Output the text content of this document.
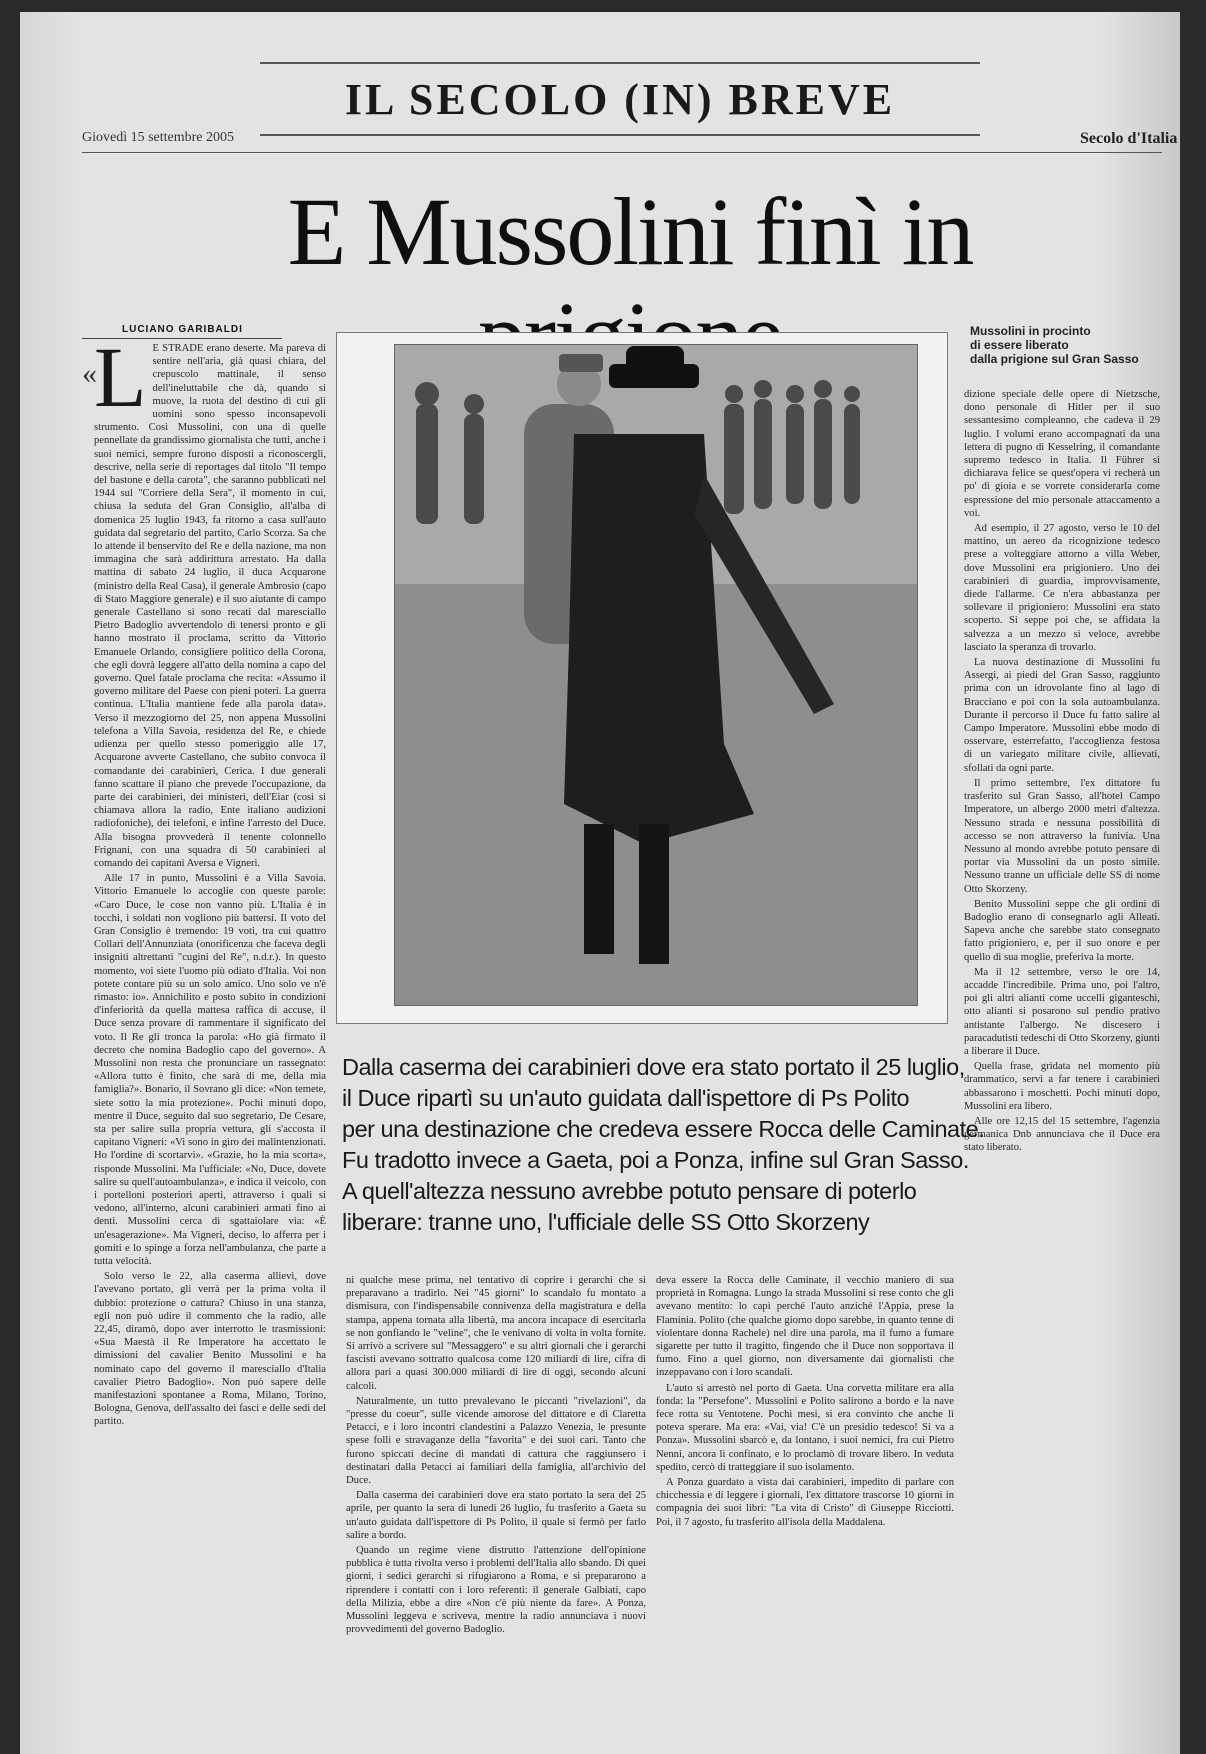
IL SECOLO (IN) BREVE
Giovedì 15 settembre 2005	Secolo d'Italia
E Mussolini finì in
LUCIANO GARIBALDI
«
L E STRADE erano deserte. Ma pareva di sentire nell'aria, già quasi chiara, del crepuscolo mattinale, il senso dell'ineluttabile che dà, quando si muove, la ruota del destino di cui gli uomini sono spesso inconsapevoli strumento. Così Mussolini, con una di quelle pennellate da grandissimo giornalista che tutti, anche i suoi nemici, sempre furono disposti a riconoscergli, descrive, nella serie di reportages dal titolo "Il tempo del bastone e della carota", che saranno pubblicati nel 1944 sul "Corriere della Sera", il momento in cui, chiusa la seduta del Gran Consiglio, all'alba di domenica 25 luglio 1943, fa ritorno a casa sull'auto guidata dal segretario del partito, Carlo Scorza. Sa che lo attende il benservito del Re e della nazione, ma non immagina che sarà addirittura arrestato. Ha dalla mattina di sabato 24 luglio, il duca Acquarone (ministro della Real Casa), il generale Ambrosio (capo di Stato Maggiore generale) e il suo aiutante di campo generale Castellano si sono recati dal maresciallo Pietro Badoglio avvertendolo di tenersi pronto e gli hanno mostrato il proclama, scritto da Vittorio Emanuele Orlando, consigliere politico della Corona, che egli dovrà leggere all'atto della nomina a capo del governo. Quel fatale proclama che recita: «Assumo il governo militare del Paese con pieni poteri. La guerra continua. L'Italia mantiene fede alla parola data». Verso il mezzogiorno del 25, non appena Mussolini telefona a Villa Savoia, residenza del Re, e chiede udienza per quello stesso pomeriggio alle 17, Acquarone avverte Castellano, che subito convoca il comandante dei carabinieri, Cerica. I due generali fanno scattare il piano che prevede l'occupazione, da parte dei carabinieri, dei ministeri, dell'Eiar (così si chiamava allora la radio, Ente italiano audizioni radiofoniche), dei telefoni, e infine l'arresto del Duce. Alla bisogna provvederà il tenente colonnello Frignani, con una squadra di 50 carabinieri al comando dei capitani Aversa e Vigneri.

Alle 17 in punto, Mussolini è a Villa Savoia. Vittorio Emanuele lo accoglie con queste parole: «Caro Duce, le cose non vanno più. L'Italia è in tocchi, i soldati non vogliono più battersi. Il voto del Gran Consiglio è tremendo: 19 voti, tra cui quattro Collari dell'Annunziata (onorificenza che faceva degli insigniti altrettanti "cugini del Re", n.d.r.). In questo momento, voi siete l'uomo più odiato d'Italia. Voi non potete contare più su un solo amico. Uno solo ve n'è rimasto: io». Annichilito e posto subito in condizioni d'inferiorità da quella mattesa raffica di accuse, il Duce senza provare di rammentare il significato del voto. Il Re gli tronca la parola: «Ho già firmato il decreto che nomina Badoglio capo del governo». A Mussolini non resta che pronunciare un rassegnato: «Allora tutto è finito, che sarà di me, della mia famiglia?». Bonario, il Sovrano gli dice: «Non temete, siete sotto la mia protezione». Pochi minuti dopo, mentre il Duce, seguito dal suo segretario, De Cesare, sta per salire sulla propria vettura, gli s'accosta il capitano Vigneri: «Vi sono in giro dei malintenzionati. Ho l'ordine di scortarvi». «Grazie, ho la mia scorta», risponde Mussolini. Ma l'ufficiale: «No, Duce, dovete salire su quell'autoambulanza», e indica il veicolo, con i portelloni posteriori aperti, attraverso i quali si vedono, all'interno, alcuni carabinieri armati fino ai denti. Mussolini cerca di sgattaiolare via: «È un'esagerazione». Ma Vigneri, deciso, lo afferra per i gomiti e lo spinge a forza nell'ambulanza, che parte a tutta velocità.

Solo verso le 22, alla caserma allievi, dove l'avevano portato, gli verrà per la prima volta il dubbio: protezione o cattura? Chiuso in una stanza, egli non può udire il commento che la radio, alle 22,45, diramò, dopo aver interrotto le trasmissioni: «Sua Maestà il Re Imperatore ha accettato le dimissioni del cavalier Benito Mussolini e ha nominato capo del governo il maresciallo d'Italia cavalier Pietro Badoglio». Non può sapere delle manifestazioni spontanee a Roma, Milano, Torino, Bologna, Genova, dell'assalto dei fasci e delle sedi del partito.

Mussolini in procinto
di essere liberato
dalla prigione sul Gran Sasso

dizione speciale delle opere di Nietzsche, dono personale di Hitler per il suo sessantesimo compleanno, che cadeva il 29 luglio. I volumi erano accompagnati da una lettera di pugno di Kesselring, il comandante supremo tedesco in Italia. Il Führer si dichiarava felice se quest'opera vi recherà un po' di gioia e se vorrete considerarla come espressione del mio personale attaccamento a voi.

Ad esempio, il 27 agosto, verso le 10 del mattino, un aereo da ricognizione tedesco prese a volteggiare attorno a villa Weber, dove Mussolini era prigioniero. Uno dei carabinieri di guardia, improvvisamente, diede l'allarme. Ce n'era abbastanza per sollevare il prigioniero: Mussolini era stato scoperto. Si seppe poi che, se affidata la salvezza a un mezzo sì veloce, avrebbe lasciato la speranza di trovarlo.

La nuova destinazione di Mussolini fu Assergi, ai piedi del Gran Sasso, raggiunto prima con un idrovolante fino al lago di Bracciano e poi con la sola autoambulanza. Durante il percorso il Duce fu fatto salire al Campo Imperatore. Mussolini ebbe modo di osservare, esterrefatto, l'accoglienza festosa di un variegato militare civile, allievati, sfollati da ogni parte.

Il primo settembre, l'ex dittatore fu trasferito sul Gran Sasso, all'hotel Campo Imperatore, un albergo 2000 metri d'altezza. Nessuno strada e nessuna possibilità di accesso se non attraverso la funivia. Una Nessuno al mondo avrebbe potuto pensare di portar via Mussolini da un posto simile. Nessuno tranne un ufficiale delle SS di nome Otto Skorzeny.

Benito Mussolini seppe che gli ordini di Badoglio erano di consegnarlo agli Alleati. Sapeva anche che sarebbe stato consegnato fatto prigioniero, e, per il suo onore e per quello di sua moglie, preferiva la morte.

Ma il 12 settembre, verso le ore 14, accadde l'incredibile. Prima uno, poi l'altro, poi gli altri alianti come uccelli giganteschi, otto alianti si posarono sul pendio prativo antistante l'albergo. Ne discesero i paracadutisti tedeschi di Otto Skorzeny, giunti a liberare il Duce.

Quella frase, gridata nel momento più drammatico, servì a far tenere i carabinieri abbassarono i moschetti. Pochi minuti dopo, Mussolini era libero.

Alle ore 12,15 del 15 settembre, l'agenzia germanica Dnb annunciava che il Duce era stato liberato.

Dalla caserma dei carabinieri dove era stato portato il 25 luglio,
il Duce ripartì su un'auto guidata dall'ispettore di Ps Polito
per una destinazione che credeva essere Rocca delle Caminate.
Fu tradotto invece a Gaeta, poi a Ponza, infine sul Gran Sasso.
A quell'altezza nessuno avrebbe potuto pensare di poterlo
liberare: tranne uno, l'ufficiale delle SS Otto Skorzeny

ni qualche mese prima, nel tentativo di coprire i gerarchi che si preparavano a tradirlo. Nei "45 giorni" lo scandalo fu montato a dismisura, con l'indispensabile connivenza della magistratura e della stampa, appena tornata alla libertà, ma ancora incapace di esercitarla se non gonfiando le "veline", che le venivano di volta in volta fornite. Si arrivò a scrivere sul "Messaggero" e su altri giornali che i gerarchi fascisti avevano sottratto qualcosa come 120 miliardi di lire, cifra di allora pari a quasi 300.000 miliardi di lire di oggi, secondo alcuni calcoli.

Naturalmente, un tutto prevalevano le piccanti "rivelazioni", da "presse du coeur", sulle vicende amorose del dittatore e di Claretta Petacci, e i loro incontri clandestini a Palazzo Venezia, le presunte spese folli e stravaganze della "favorita" e dei suoi cari. Tanto che furono spiccati decine di mandati di cattura che raggiunsero i destinatari dalla Petacci ai familiari della famiglia, all'archivio del Duce.

Dalla caserma dei carabinieri dove era stato portato la sera del 25 aprile, per quanto la sera di lunedì 26 luglio, fu trasferito a Gaeta su un'auto guidata dall'ispettore di Ps Polito, il quale si fermò per farlo salire a bordo.

Quando un regime viene distrutto l'attenzione dell'opinione pubblica è tutta rivolta verso i problemi dell'Italia allo sbando. Di quei giorni, i sedici gerarchi si rifugiarono a Roma, e si prepararono a riprendere i contatti con i loro referenti: il generale Galbiati, capo della Milizia, ebbe a dire «Non c'è più niente da fare». A Ponza, Mussolini leggeva e scriveva, mentre la radio annunciava i nuovi provvedimenti del governo Badoglio.

deva essere la Rocca delle Caminate, il vecchio maniero di sua proprietà in Romagna. Lungo la strada Mussolini si rese conto che gli avevano mentito: lo capì perché l'auto anziché l'Appia, prese la Flaminia. Polito (che qualche giorno dopo sarebbe, in quanto tenne di violentare donna Rachele) nel dire una parola, ma il fumo a fumare sigarette per tutto il tragitto, fingendo che il Duce non sopportava il fumo. Fino a quel giorno, non diversamente dai giornalisti che inzeppavano con i loro scandali.

L'auto si arrestò nel porto di Gaeta. Una corvetta militare era alla fonda: la "Persefone". Mussolini e Polito salirono a bordo e la nave fece rotta su Ventotene. Pochi mesi, si era convinto che anche lì poteva sperare. Ma era: «Vai, via! C'è un presidio tedesco! Si va a Ponza». Mussolini sbarcò e, da lontano, i suoi nemici, fra cui Pietro Nenni, ancora lì confinato, e lo proclamò di trovare libero. In veduta spedito, cercò di tratteggiare il suo isolamento.

A Ponza guardato a vista dai carabinieri, impedito di parlare con chicchessia e di leggere i giornali, l'ex dittatore trascorse 10 giorni in compagnia dei suoi libri: "La vita di Cristo" di Giuseppe Ricciotti. Poi, il 7 agosto, fu trasferito all'isola della Maddalena.
